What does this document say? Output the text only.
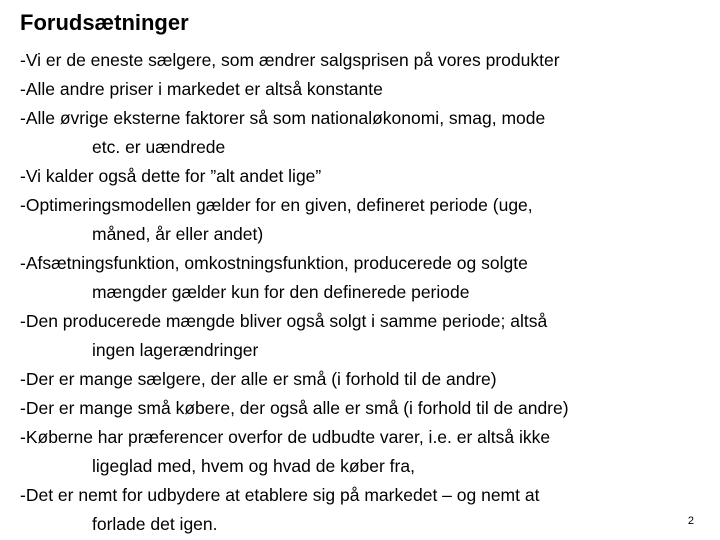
Forudsætninger
-Vi er de eneste sælgere, som ændrer salgsprisen på vores produkter
-Alle andre priser i markedet er altså konstante
-Alle øvrige eksterne faktorer så som nationaløkonomi, smag, mode
etc. er uændrede
-Vi kalder også dette for ”alt andet lige”
-Optimeringsmodellen gælder for en given, defineret periode (uge,
måned, år eller andet)
-Afsætningsfunktion, omkostningsfunktion, producerede og solgte
mængder gælder kun for den definerede periode
-Den producerede mængde bliver også solgt i samme periode; altså
ingen lagerændringer
-Der er mange sælgere, der alle er små (i forhold til de andre)
-Der er mange små købere, der også alle er små (i forhold til de andre)
-Køberne har præferencer overfor de udbudte varer, i.e. er altså ikke
ligeglad med, hvem og hvad de køber fra,
-Det er nemt for udbydere at etablere sig på markedet – og nemt at
forlade det igen.	2
